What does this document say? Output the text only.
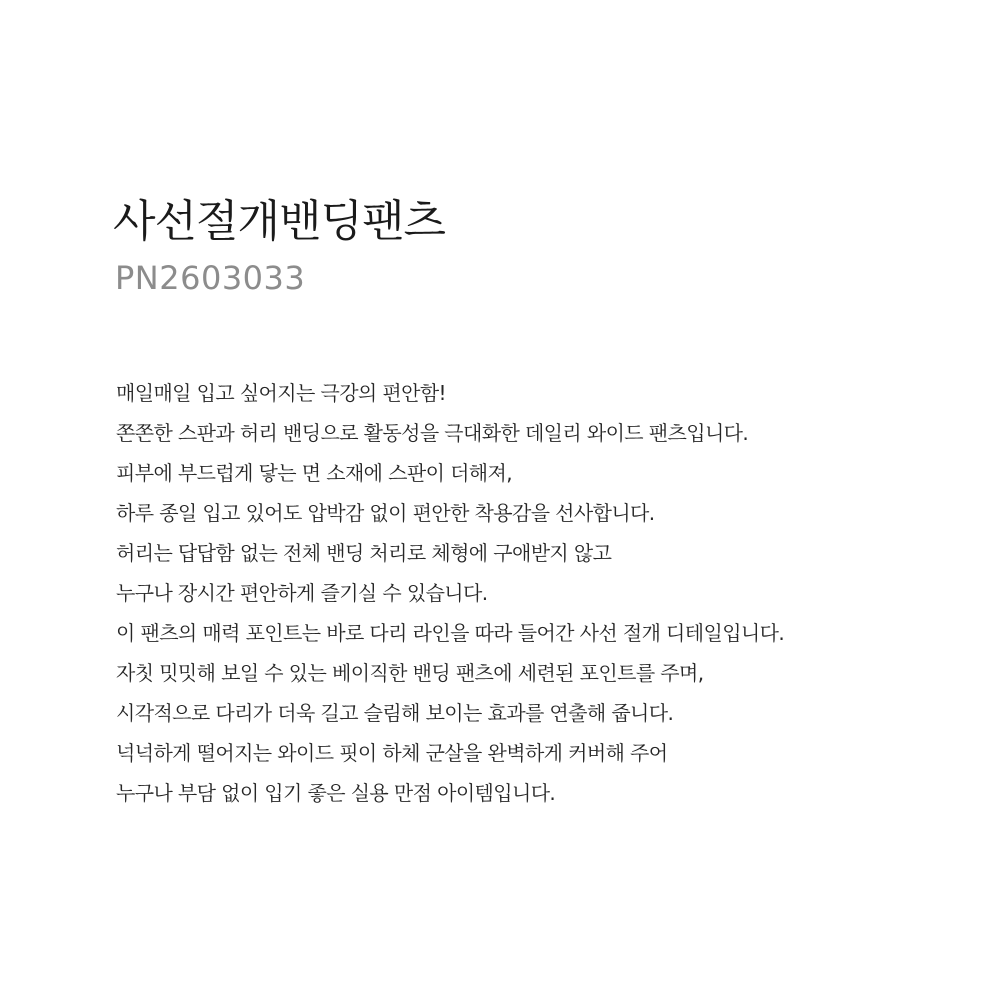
사선절개밴딩팬츠
PN2603033
매일매일 입고 싶어지는 극강의 편안함!
쫀쫀한 스판과 허리 밴딩으로 활동성을 극대화한 데일리 와이드 팬츠입니다.
피부에 부드럽게 닿는 면 소재에 스판이 더해져,
하루 종일 입고 있어도 압박감 없이 편안한 착용감을 선사합니다.
허리는 답답함 없는 전체 밴딩 처리로 체형에 구애받지 않고
누구나 장시간 편안하게 즐기실 수 있습니다.
이 팬츠의 매력 포인트는 바로 다리 라인을 따라 들어간 사선 절개 디테일입니다.
자칫 밋밋해 보일 수 있는 베이직한 밴딩 팬츠에 세련된 포인트를 주며,
시각적으로 다리가 더욱 길고 슬림해 보이는 효과를 연출해 줍니다.
넉넉하게 떨어지는 와이드 핏이 하체 군살을 완벽하게 커버해 주어
누구나 부담 없이 입기 좋은 실용 만점 아이템입니다.
